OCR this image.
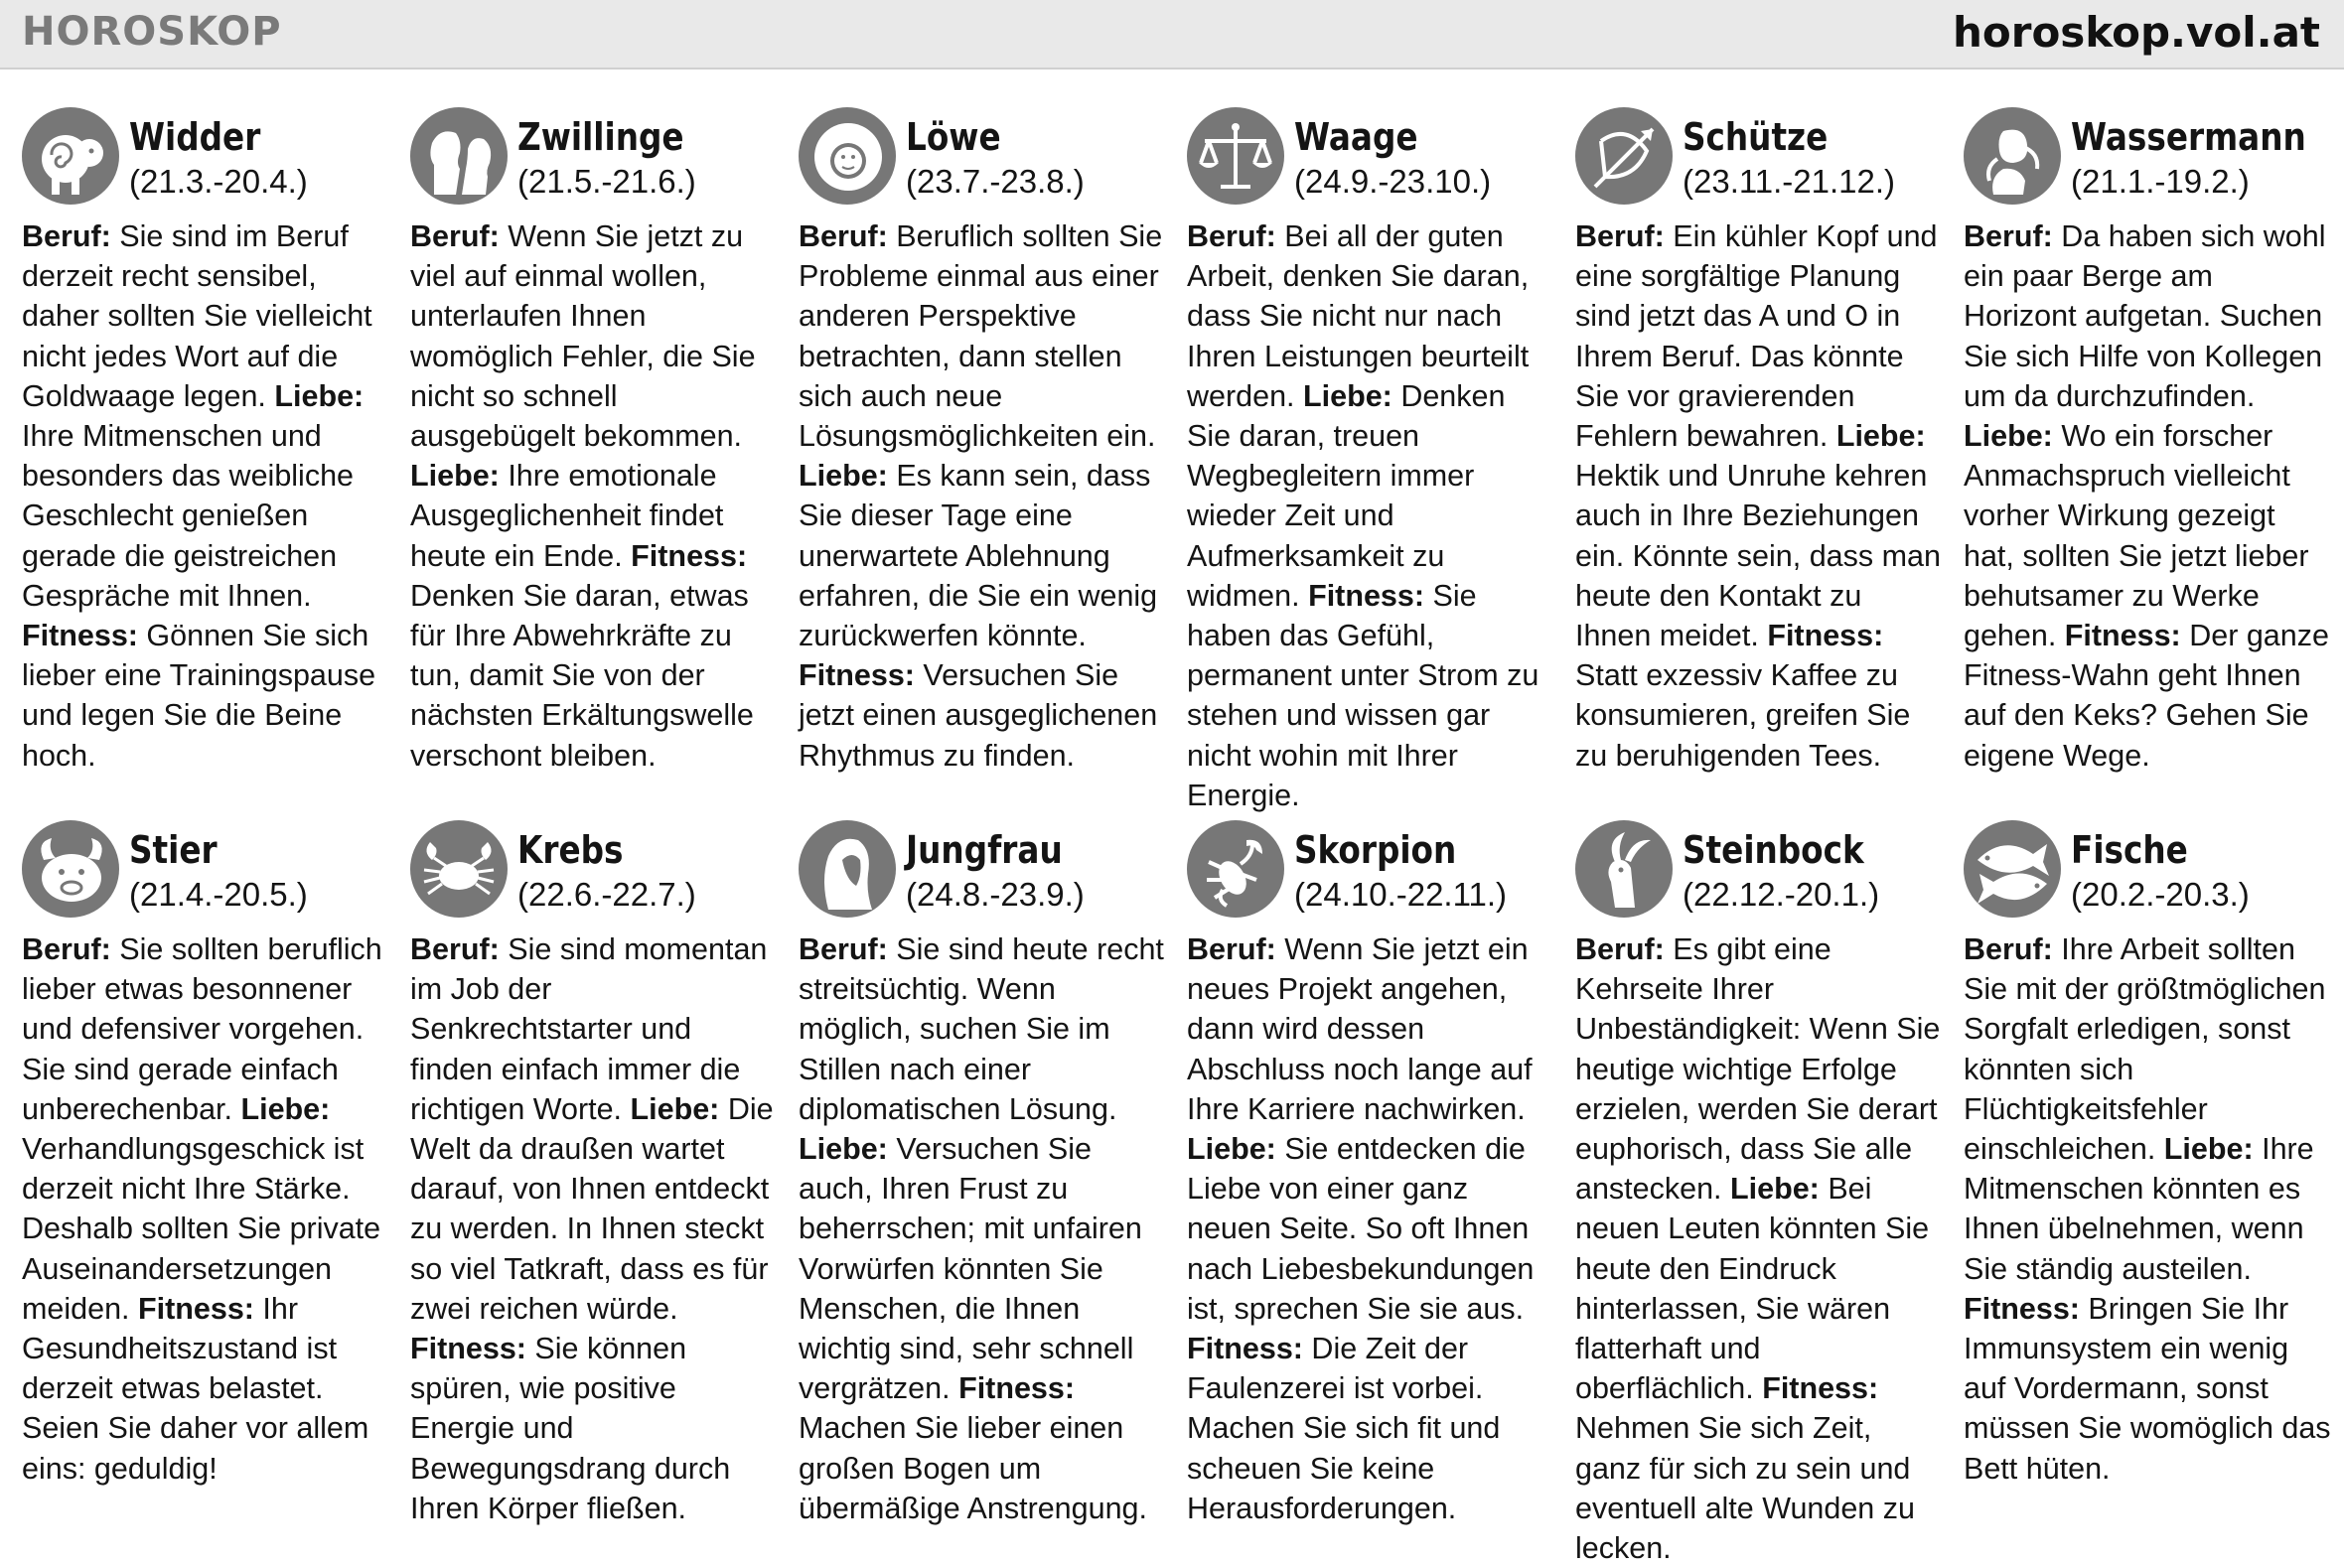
HOROSKOP	horoskop.vol.at
Widder
(21.3.-20.4.)
Beruf: Sie sind im Beruf derzeit recht sensibel, daher sollten Sie vielleicht nicht jedes Wort auf die Goldwaage legen. Liebe: Ihre Mitmenschen und besonders das weibliche Geschlecht genießen gerade die geistreichen Gespräche mit Ihnen. Fitness: Gönnen Sie sich lieber eine Trainingspause und legen Sie die Beine hoch.
Zwillinge
(21.5.-21.6.)
Beruf: Wenn Sie jetzt zu viel auf einmal wollen, unterlaufen Ihnen womöglich Fehler, die Sie nicht so schnell ausgebügelt bekommen. Liebe: Ihre emotionale Ausgeglichenheit findet heute ein Ende. Fitness: Denken Sie daran, etwas für Ihre Abwehrkräfte zu tun, damit Sie von der nächsten Erkältungswelle verschont bleiben.
Löwe
(23.7.-23.8.)
Beruf: Beruflich sollten Sie Probleme einmal aus einer anderen Perspektive betrachten, dann stellen sich auch neue Lösungsmöglichkeiten ein. Liebe: Es kann sein, dass Sie dieser Tage eine unerwartete Ablehnung erfahren, die Sie ein wenig zurückwerfen könnte. Fitness: Versuchen Sie jetzt einen ausgeglichenen Rhythmus zu finden.
Waage
(24.9.-23.10.)
Beruf: Bei all der guten Arbeit, denken Sie daran, dass Sie nicht nur nach Ihren Leistungen beurteilt werden. Liebe: Denken Sie daran, treuen Wegbegleitern immer wieder Zeit und Aufmerksamkeit zu widmen. Fitness: Sie haben das Gefühl, permanent unter Strom zu stehen und wissen gar nicht wohin mit Ihrer Energie.
Schütze
(23.11.-21.12.)
Beruf: Ein kühler Kopf und eine sorgfältige Planung sind jetzt das A und O in Ihrem Beruf. Das könnte Sie vor gravierenden Fehlern bewahren. Liebe: Hektik und Unruhe kehren auch in Ihre Beziehungen ein. Könnte sein, dass man heute den Kontakt zu Ihnen meidet. Fitness: Statt exzessiv Kaffee zu konsumieren, greifen Sie zu beruhigenden Tees.
Wassermann
(21.1.-19.2.)
Beruf: Da haben sich wohl ein paar Berge am Horizont aufgetan. Suchen Sie sich Hilfe von Kollegen um da durchzufinden. Liebe: Wo ein forscher Anmachspruch vielleicht vorher Wirkung gezeigt hat, sollten Sie jetzt lieber behutsamer zu Werke gehen. Fitness: Der ganze Fitness-Wahn geht Ihnen auf den Keks? Gehen Sie eigene Wege.
Stier
(21.4.-20.5.)
Beruf: Sie sollten beruflich lieber etwas besonnener und defensiver vorgehen. Sie sind gerade einfach unberechenbar. Liebe: Verhandlungsgeschick ist derzeit nicht Ihre Stärke. Deshalb sollten Sie private Auseinandersetzungen meiden. Fitness: Ihr Gesundheitszustand ist derzeit etwas belastet. Seien Sie daher vor allem eins: geduldig!
Krebs
(22.6.-22.7.)
Beruf: Sie sind momentan im Job der Senkrechtstarter und finden einfach immer die richtigen Worte. Liebe: Die Welt da draußen wartet darauf, von Ihnen entdeckt zu werden. In Ihnen steckt so viel Tatkraft, dass es für zwei reichen würde. Fitness: Sie können spüren, wie positive Energie und Bewegungsdrang durch Ihren Körper fließen.
Jungfrau
(24.8.-23.9.)
Beruf: Sie sind heute recht streitsüchtig. Wenn möglich, suchen Sie im Stillen nach einer diplomatischen Lösung. Liebe: Versuchen Sie auch, Ihren Frust zu beherrschen; mit unfairen Vorwürfen könnten Sie Menschen, die Ihnen wichtig sind, sehr schnell vergrätzen. Fitness: Machen Sie lieber einen großen Bogen um übermäßige Anstrengung.
Skorpion
(24.10.-22.11.)
Beruf: Wenn Sie jetzt ein neues Projekt angehen, dann wird dessen Abschluss noch lange auf Ihre Karriere nachwirken. Liebe: Sie entdecken die Liebe von einer ganz neuen Seite. So oft Ihnen nach Liebesbekundungen ist, sprechen Sie sie aus. Fitness: Die Zeit der Faulenzerei ist vorbei. Machen Sie sich fit und scheuen Sie keine Herausforderungen.
Steinbock
(22.12.-20.1.)
Beruf: Es gibt eine Kehrseite Ihrer Unbeständigkeit: Wenn Sie heutige wichtige Erfolge erzielen, werden Sie derart euphorisch, dass Sie alle anstecken. Liebe: Bei neuen Leuten könnten Sie heute den Eindruck hinterlassen, Sie wären flatterhaft und oberflächlich. Fitness: Nehmen Sie sich Zeit, ganz für sich zu sein und eventuell alte Wunden zu lecken.
Fische
(20.2.-20.3.)
Beruf: Ihre Arbeit sollten Sie mit der größtmöglichen Sorgfalt erledigen, sonst könnten sich Flüchtigkeitsfehler einschleichen. Liebe: Ihre Mitmenschen könnten es Ihnen übelnehmen, wenn Sie ständig austeilen. Fitness: Bringen Sie Ihr Immunsystem ein wenig auf Vordermann, sonst müssen Sie womöglich das Bett hüten.
